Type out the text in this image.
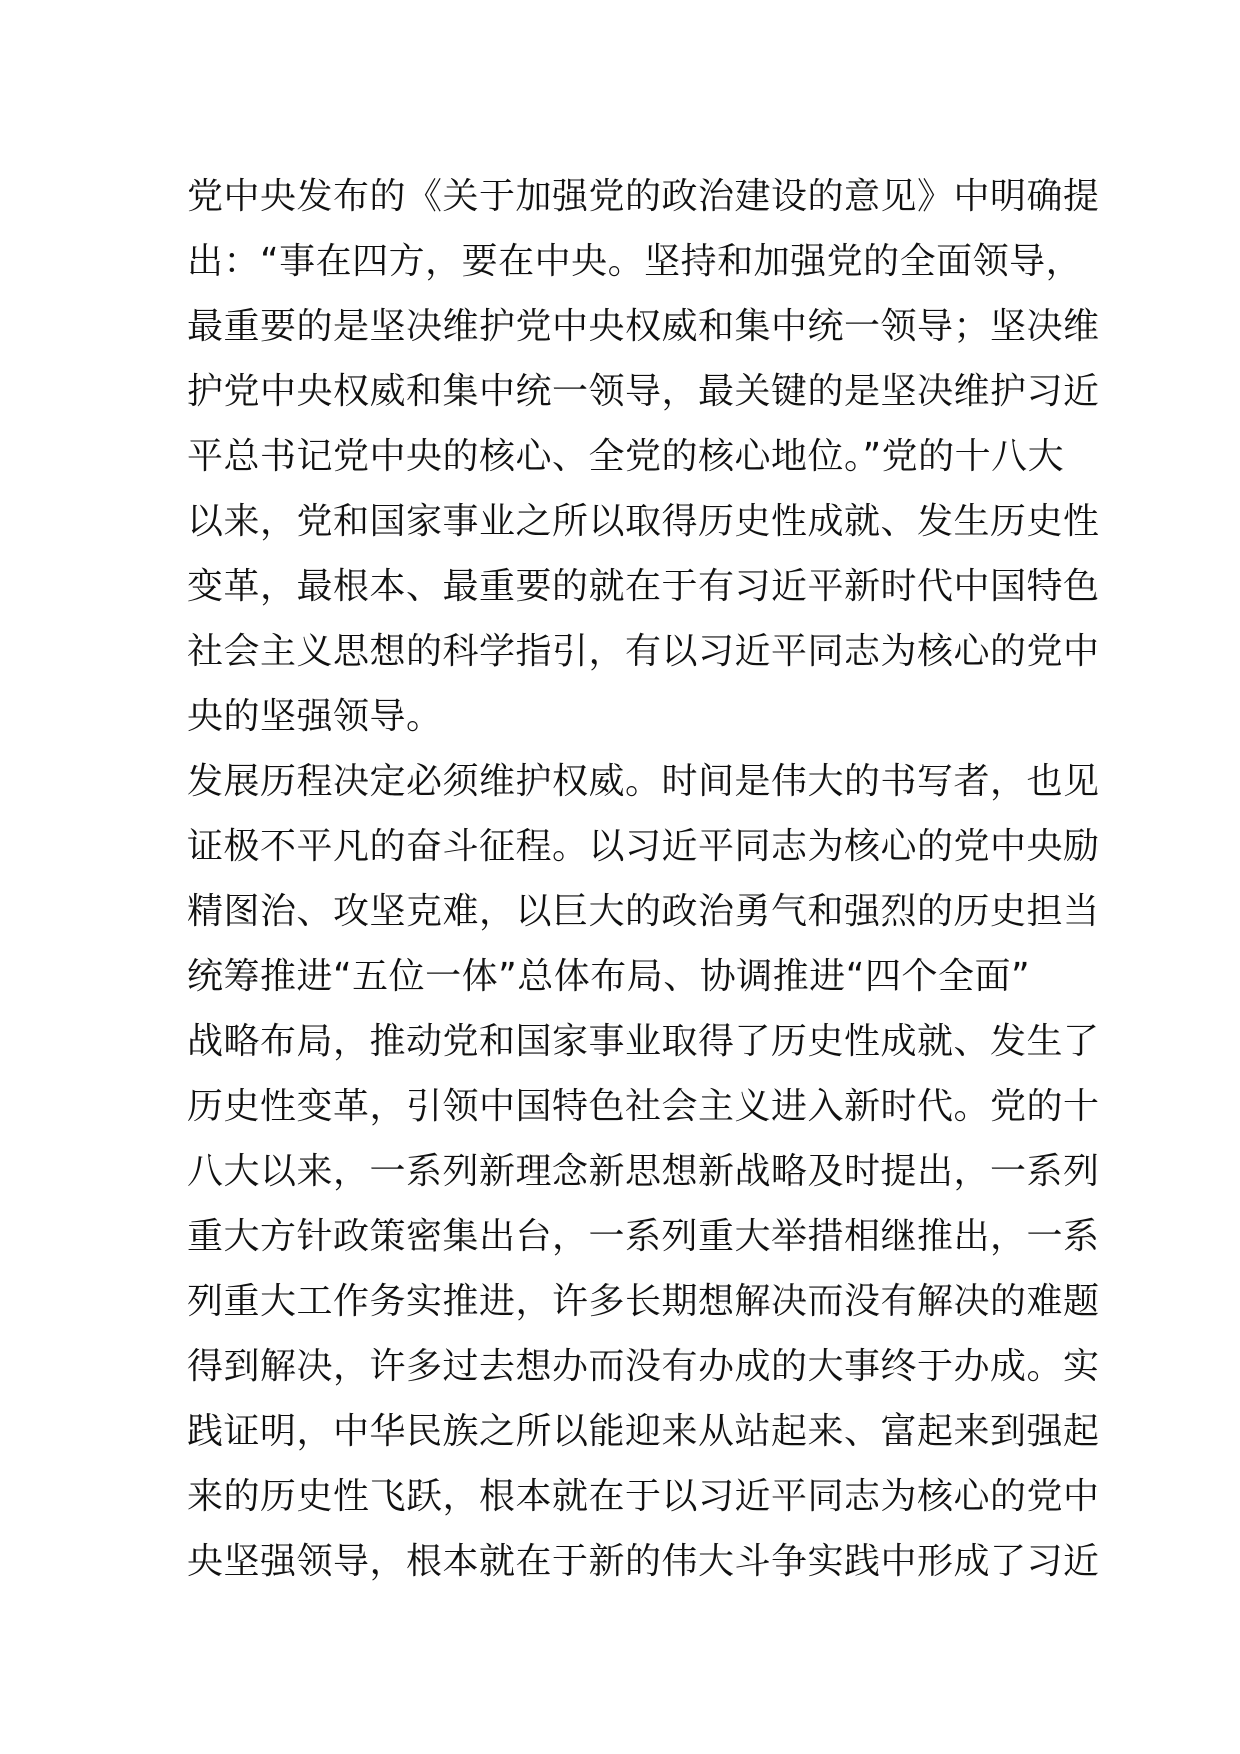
党中央发布的《关于加强党的政治建设的意见》中明确提
出：“事在四方，要在中央。坚持和加强党的全面领导，
最重要的是坚决维护党中央权威和集中统一领导；坚决维
护党中央权威和集中统一领导，最关键的是坚决维护习近
平总书记党中央的核心、全党的核心地位。”党的十八大
以来，党和国家事业之所以取得历史性成就、发生历史性
变革，最根本、最重要的就在于有习近平新时代中国特色
社会主义思想的科学指引，有以习近平同志为核心的党中
央的坚强领导。
发展历程决定必须维护权威。时间是伟大的书写者，也见
证极不平凡的奋斗征程。以习近平同志为核心的党中央励
精图治、攻坚克难，以巨大的政治勇气和强烈的历史担当
统筹推进“五位一体”总体布局、协调推进“四个全面”
战略布局，推动党和国家事业取得了历史性成就、发生了
历史性变革，引领中国特色社会主义进入新时代。党的十
八大以来，一系列新理念新思想新战略及时提出，一系列
重大方针政策密集出台，一系列重大举措相继推出，一系
列重大工作务实推进，许多长期想解决而没有解决的难题
得到解决，许多过去想办而没有办成的大事终于办成。实
践证明，中华民族之所以能迎来从站起来、富起来到强起
来的历史性飞跃，根本就在于以习近平同志为核心的党中
央坚强领导，根本就在于新的伟大斗争实践中形成了习近
